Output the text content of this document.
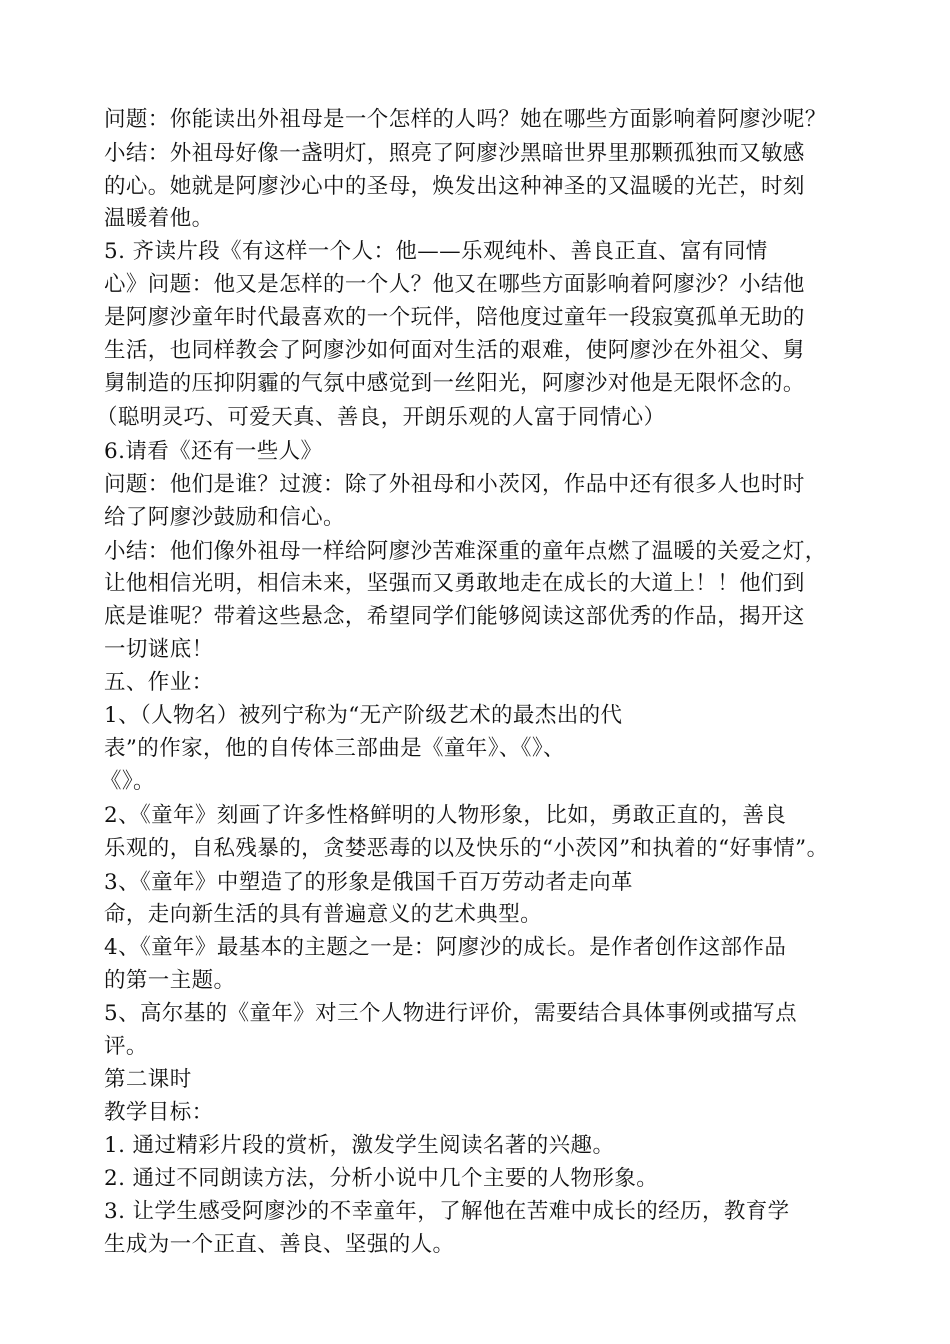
问题：你能读出外祖母是一个怎样的人吗？她在哪些方面影响着阿廖沙呢？
小结：外祖母好像一盏明灯，照亮了阿廖沙黑暗世界里那颗孤独而又敏感
的心。她就是阿廖沙心中的圣母，焕发出这种神圣的又温暖的光芒，时刻
温暖着他。
5. 齐读片段《有这样一个人：他——乐观纯朴、善良正直、富有同情
心》问题：他又是怎样的一个人？他又在哪些方面影响着阿廖沙？小结他
是阿廖沙童年时代最喜欢的一个玩伴，陪他度过童年一段寂寞孤单无助的
生活，也同样教会了阿廖沙如何面对生活的艰难，使阿廖沙在外祖父、舅
舅制造的压抑阴霾的气氛中感觉到一丝阳光，阿廖沙对他是无限怀念的。
（聪明灵巧、可爱天真、善良，开朗乐观的人富于同情心）
6.请看《还有一些人》
问题：他们是谁？过渡：除了外祖母和小茨冈，作品中还有很多人也时时
给了阿廖沙鼓励和信心。
小结：他们像外祖母一样给阿廖沙苦难深重的童年点燃了温暖的关爱之灯，
让他相信光明，相信未来，坚强而又勇敢地走在成长的大道上！！他们到
底是谁呢？带着这些悬念，希望同学们能够阅读这部优秀的作品，揭开这
一切谜底！
五、作业：
1、（人物名）被列宁称为“无产阶级艺术的最杰出的代
表”的作家，他的自传体三部曲是《童年》、《》、
《》。
2、《童年》刻画了许多性格鲜明的人物形象，比如，勇敢正直的，善良
乐观的，自私残暴的，贪婪恶毒的以及快乐的“小茨冈”和执着的“好事情”。
3、《童年》中塑造了的形象是俄国千百万劳动者走向革
命，走向新生活的具有普遍意义的艺术典型。
4、《童年》最基本的主题之一是：阿廖沙的成长。是作者创作这部作品
的第一主题。
5、高尔基的《童年》对三个人物进行评价，需要结合具体事例或描写点
评。
第二课时
教学目标：
1. 通过精彩片段的赏析，激发学生阅读名著的兴趣。
2. 通过不同朗读方法，分析小说中几个主要的人物形象。
3. 让学生感受阿廖沙的不幸童年，了解他在苦难中成长的经历，教育学
生成为一个正直、善良、坚强的人。
